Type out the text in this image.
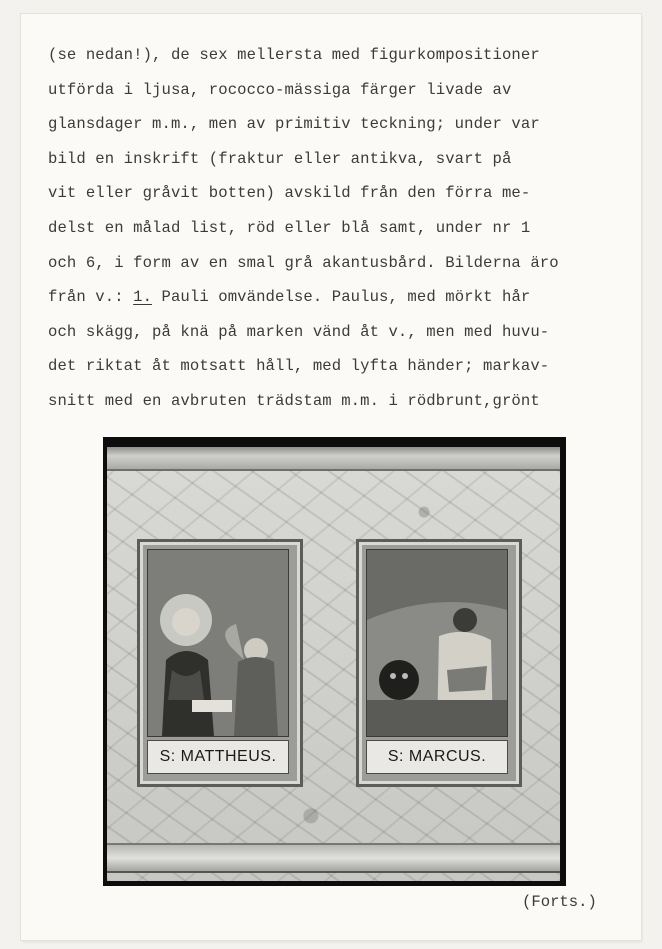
(se nedan!), de sex mellersta med figurkompositioner
utförda i ljusa, rococco-mässiga färger livade av
glansdager m.m., men av primitiv teckning; under var
bild en inskrift (fraktur eller antikva, svart på
vit eller gråvit botten) avskild från den förra me-
delst en målad list, röd eller blå samt, under nr 1
och 6, i form av en smal grå akantusbård. Bilderna äro
från v.: 1. Pauli omvändelse. Paulus, med mörkt hår
och skägg, på knä på marken vänd åt v., men med huvu-
det riktat åt motsatt håll, med lyfta händer; markav-
snitt med en avbruten trädstam m.m. i rödbrunt,grönt
S: MATTHEUS.	S: MARCUS.
(Forts.)
